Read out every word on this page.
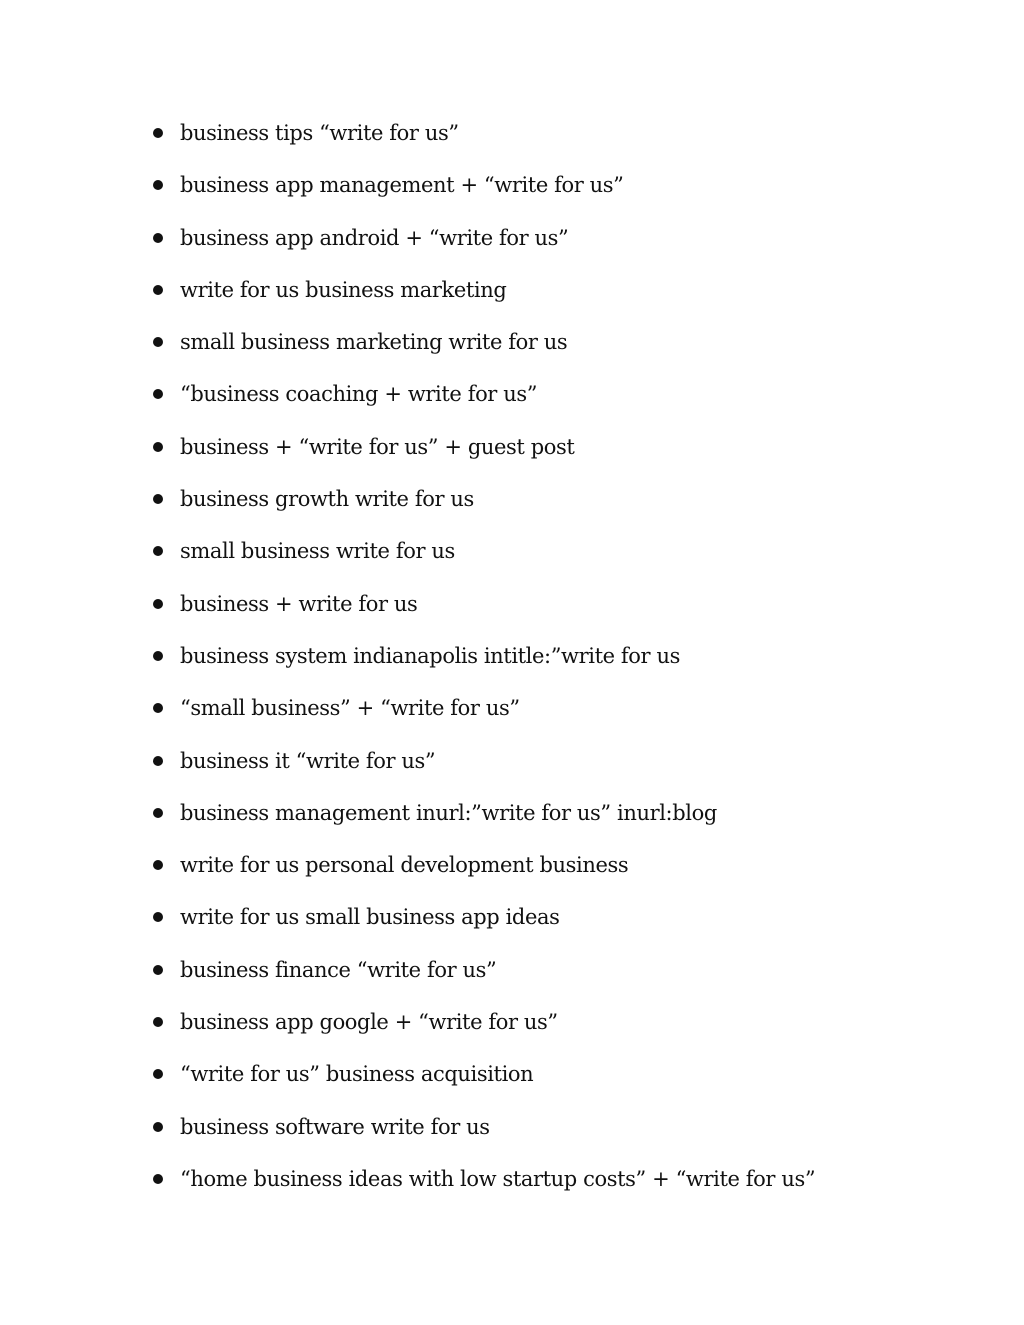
business tips “write for us”
business app management + “write for us”
business app android + “write for us”
write for us business marketing
small business marketing write for us
“business coaching + write for us”
business + “write for us” + guest post
business growth write for us
small business write for us
business + write for us
business system indianapolis intitle:”write for us
“small business” + “write for us”
business it “write for us”
business management inurl:”write for us” inurl:blog
write for us personal development business
write for us small business app ideas
business finance “write for us”
business app google + “write for us”
“write for us” business acquisition
business software write for us
“home business ideas with low startup costs” + “write for us”
